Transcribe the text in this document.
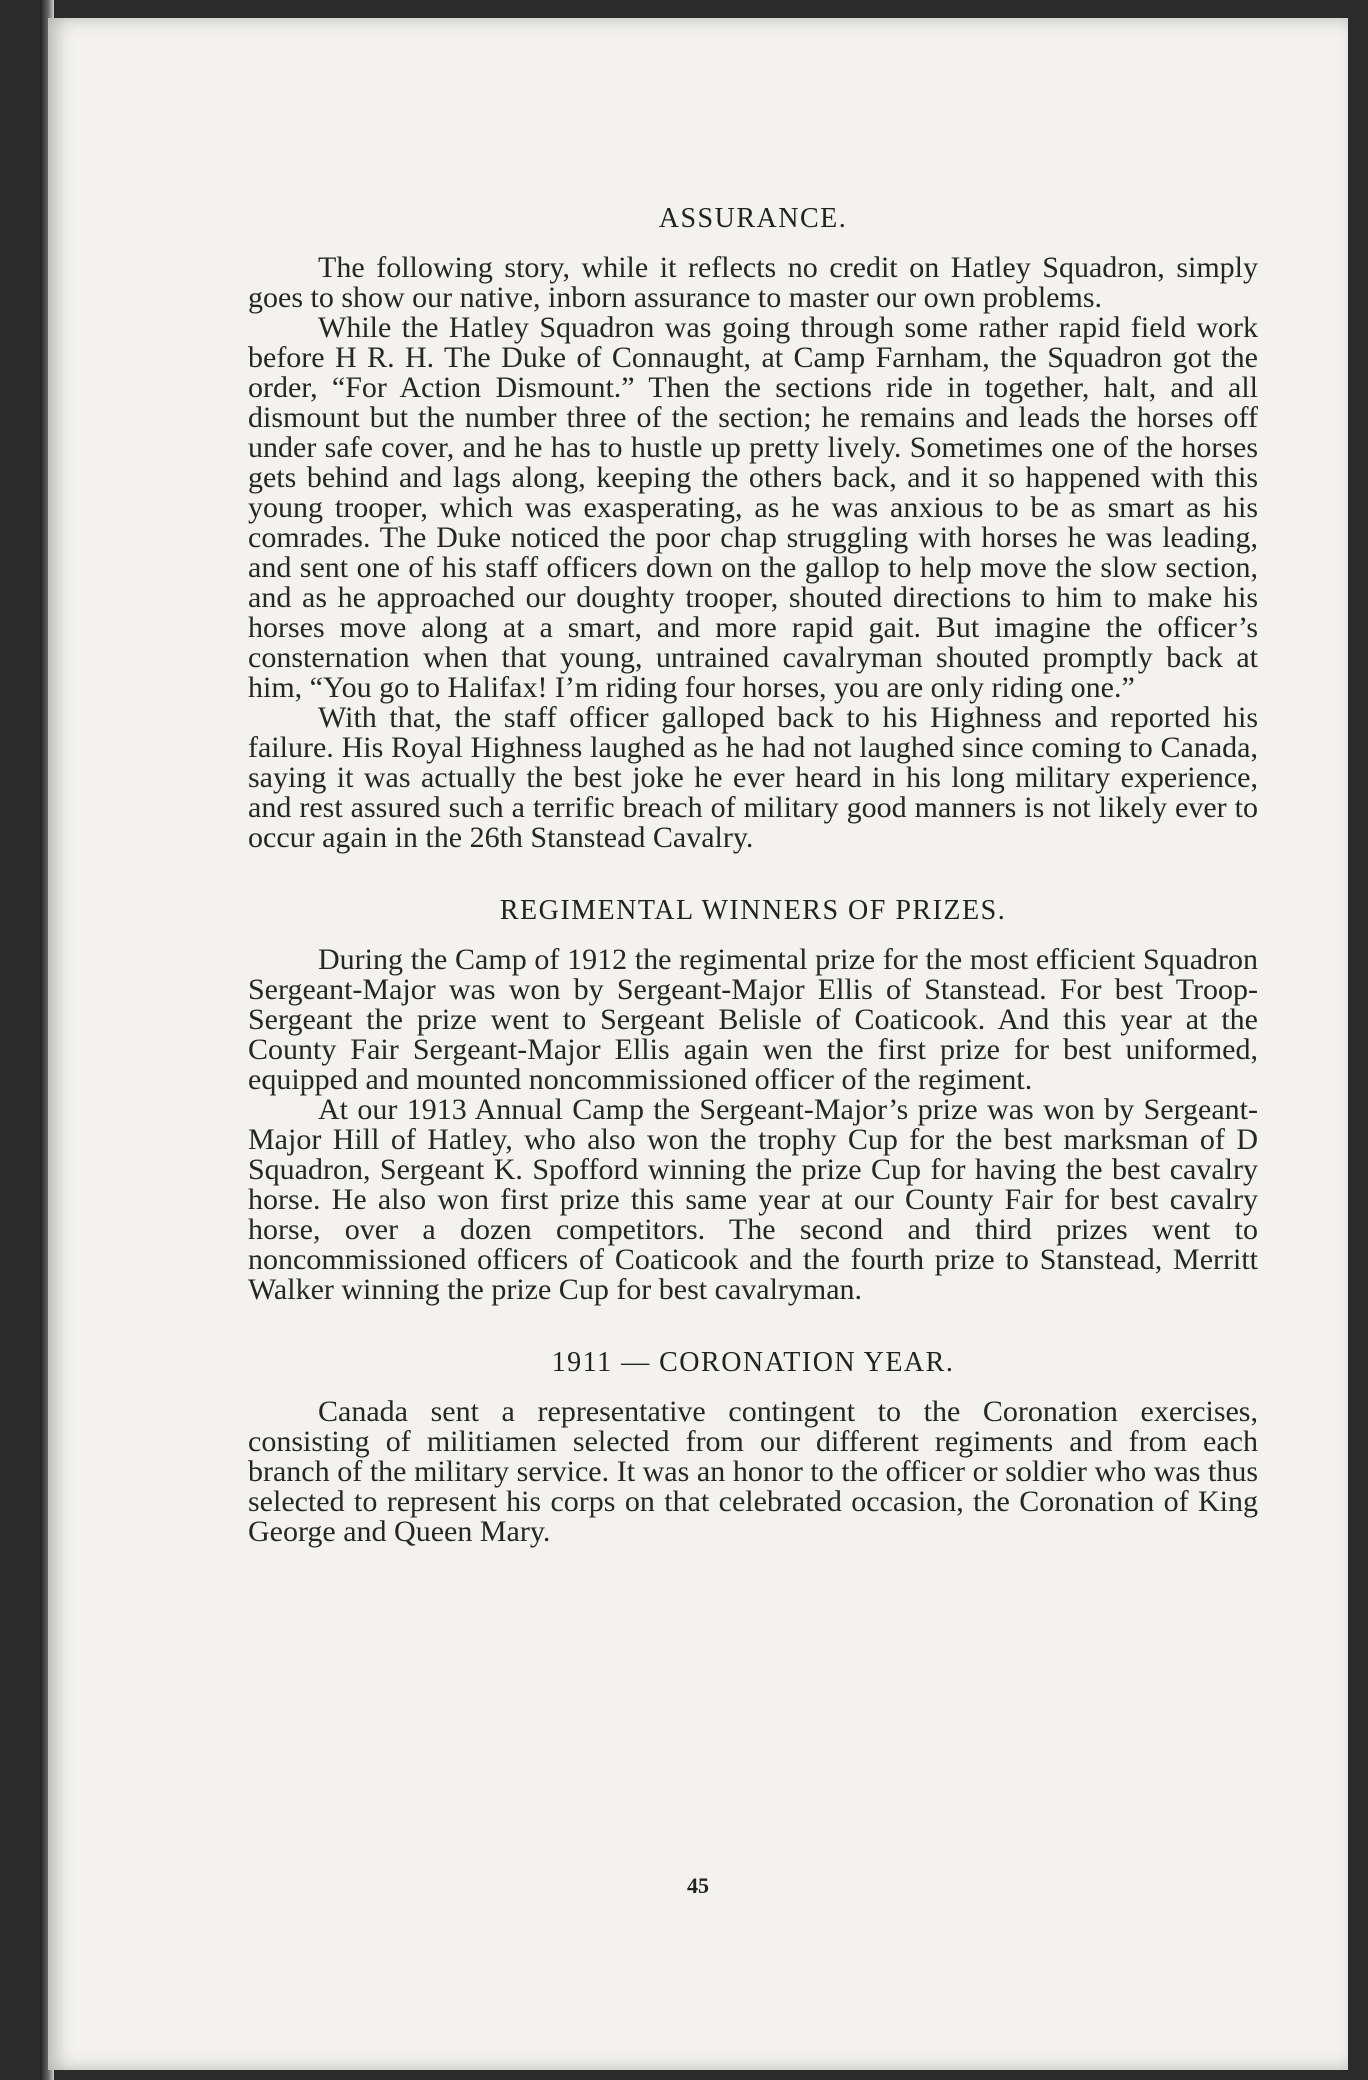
ASSURANCE.

The following story, while it reflects no credit on Hatley Squadron, simply goes to show our native, inborn assurance to master our own problems.

While the Hatley Squadron was going through some rather rapid field work before H R. H. The Duke of Connaught, at Camp Farnham, the Squadron got the order, “For Action Dismount.” Then the sections ride in together, halt, and all dismount but the number three of the section; he remains and leads the horses off under safe cover, and he has to hustle up pretty lively. Sometimes one of the horses gets behind and lags along, keeping the others back, and it so happened with this young trooper, which was exasperating, as he was anxious to be as smart as his comrades. The Duke noticed the poor chap struggling with horses he was leading, and sent one of his staff officers down on the gallop to help move the slow section, and as he approached our doughty trooper, shouted directions to him to make his horses move along at a smart, and more rapid gait. But imagine the officer’s consternation when that young, untrained cavalryman shouted promptly back at him, “You go to Halifax! I’m riding four horses, you are only riding one.”

With that, the staff officer galloped back to his Highness and reported his failure. His Royal Highness laughed as he had not laughed since coming to Canada, saying it was actually the best joke he ever heard in his long military experience, and rest assured such a terrific breach of military good manners is not likely ever to occur again in the 26th Stanstead Cavalry.

REGIMENTAL WINNERS OF PRIZES.

During the Camp of 1912 the regimental prize for the most efficient Squadron Sergeant-Major was won by Sergeant-Major Ellis of Stanstead. For best Troop-Sergeant the prize went to Sergeant Belisle of Coaticook. And this year at the County Fair Sergeant-Major Ellis again wen the first prize for best uniformed, equipped and mounted noncommissioned officer of the regiment.

At our 1913 Annual Camp the Sergeant-Major’s prize was won by Sergeant-Major Hill of Hatley, who also won the trophy Cup for the best marksman of D Squadron, Sergeant K. Spofford winning the prize Cup for having the best cavalry horse. He also won first prize this same year at our County Fair for best cavalry horse, over a dozen competitors. The second and third prizes went to noncommissioned officers of Coaticook and the fourth prize to Stanstead, Merritt Walker winning the prize Cup for best cavalryman.

1911 — CORONATION YEAR.

Canada sent a representative contingent to the Coronation exercises, consisting of militiamen selected from our different regiments and from each branch of the military service. It was an honor to the officer or soldier who was thus selected to represent his corps on that celebrated occasion, the Coronation of King George and Queen Mary.

45
